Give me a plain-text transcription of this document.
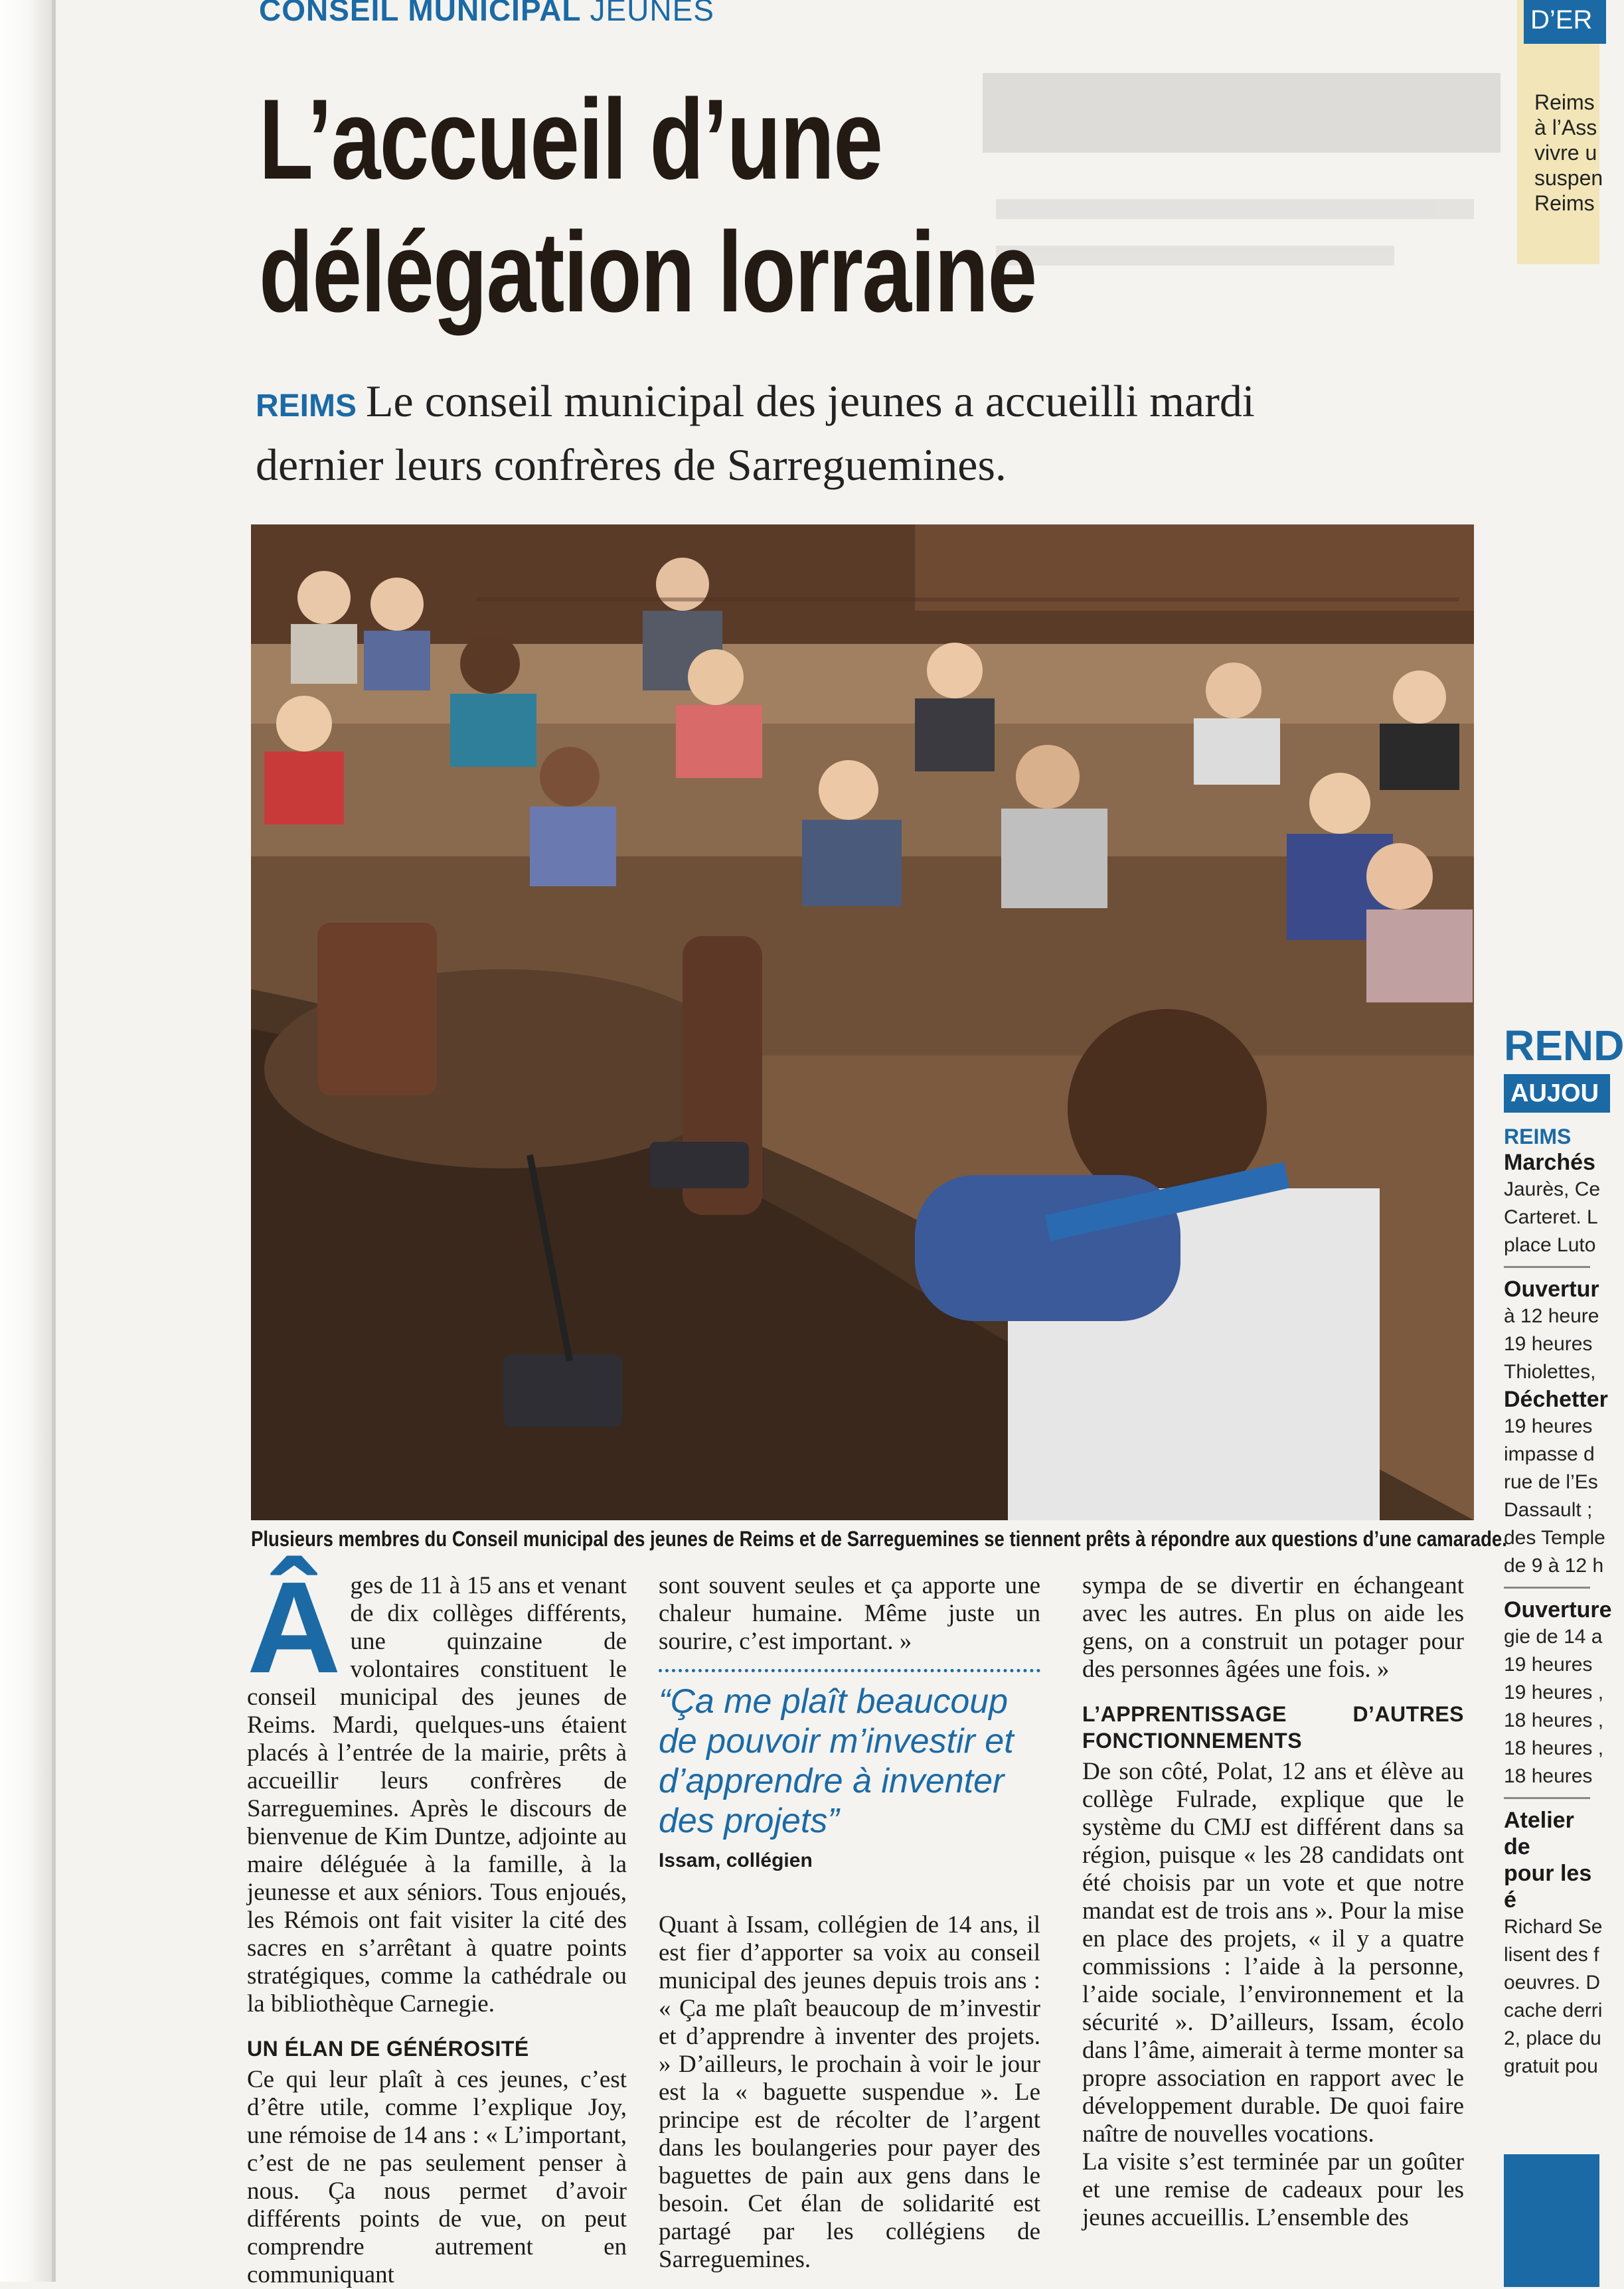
CONSEIL MUNICIPAL JEUNES
L’accueil d’une
délégation lorraine
REIMS Le conseil municipal des jeunes a accueilli mardi dernier leurs confrères de Sarreguemines.
Plusieurs membres du Conseil municipal des jeunes de Reims et de Sarreguemines se tiennent prêts à répondre aux questions d’une camarade.
Â ges de 11 à 15 ans et venant de dix collèges différents, une quinzaine de volontaires constituent le conseil municipal des jeunes de Reims. Mardi, quelques-uns étaient placés à l’entrée de la mairie, prêts à accueillir leurs confrères de Sarreguemines. Après le discours de bienvenue de Kim Duntze, adjointe au maire déléguée à la famille, à la jeunesse et aux séniors. Tous enjoués, les Rémois ont fait visiter la cité des sacres en s’arrêtant à quatre points stratégiques, comme la cathédrale ou la bibliothèque Carnegie.

UN ÉLAN DE GÉNÉROSITÉ

Ce qui leur plaît à ces jeunes, c’est d’être utile, comme l’explique Joy, une rémoise de 14 ans : « L’important, c’est de ne pas seulement penser à nous. Ça nous permet d’avoir différents points de vue, on peut comprendre autrement en communiquant

sont souvent seules et ça apporte une chaleur humaine. Même juste un sourire, c’est important. »

“Ça me plaît beaucoup de pouvoir m’investir et d’apprendre à inventer des projets”
Issam, collégien

Quant à Issam, collégien de 14 ans, il est fier d’apporter sa voix au conseil municipal des jeunes depuis trois ans : « Ça me plaît beaucoup de m’investir et d’apprendre à inventer des projets. » D’ailleurs, le prochain à voir le jour est la « baguette suspendue ». Le principe est de récolter de l’argent dans les boulangeries pour payer des baguettes de pain aux gens dans le besoin. Cet élan de solidarité est partagé par les collégiens de Sarreguemines.

sympa de se divertir en échangeant avec les autres. En plus on aide les gens, on a construit un potager pour des personnes âgées une fois. »

L’APPRENTISSAGE D’AUTRES FONCTIONNEMENTS

De son côté, Polat, 12 ans et élève au collège Fulrade, explique que le système du CMJ est différent dans sa région, puisque « les 28 candidats ont été choisis par un vote et que notre mandat est de trois ans ». Pour la mise en place des projets, « il y a quatre commissions : l’aide à la personne, l’aide sociale, l’environnement et la sécurité ». D’ailleurs, Issam, écolo dans l’âme, aimerait à terme monter sa propre association en rapport avec le développement durable. De quoi faire naître de nouvelles vocations.

La visite s’est terminée par un goûter et une remise de cadeaux pour les jeunes accueillis. L’ensemble des

D’ER
Reims
à l’Ass
vivre u
suspen
Reims
REND
AUJOU
REIMS
Marchés
Jaurès, Ce
Carteret. L
place Luto
Ouvertur
à 12 heure
19 heures
Thiolettes,
Déchetter
19 heures
impasse d
rue de l’Es
Dassault ;
des Temple
de 9 à 12 h
Ouverture
gie de 14 a
19 heures
19 heures ,
18 heures ,
18 heures ,
18 heures
Atelier de
pour les é
Richard Se
lisent des f
oeuvres. D
cache derri
2, place du
gratuit pou
